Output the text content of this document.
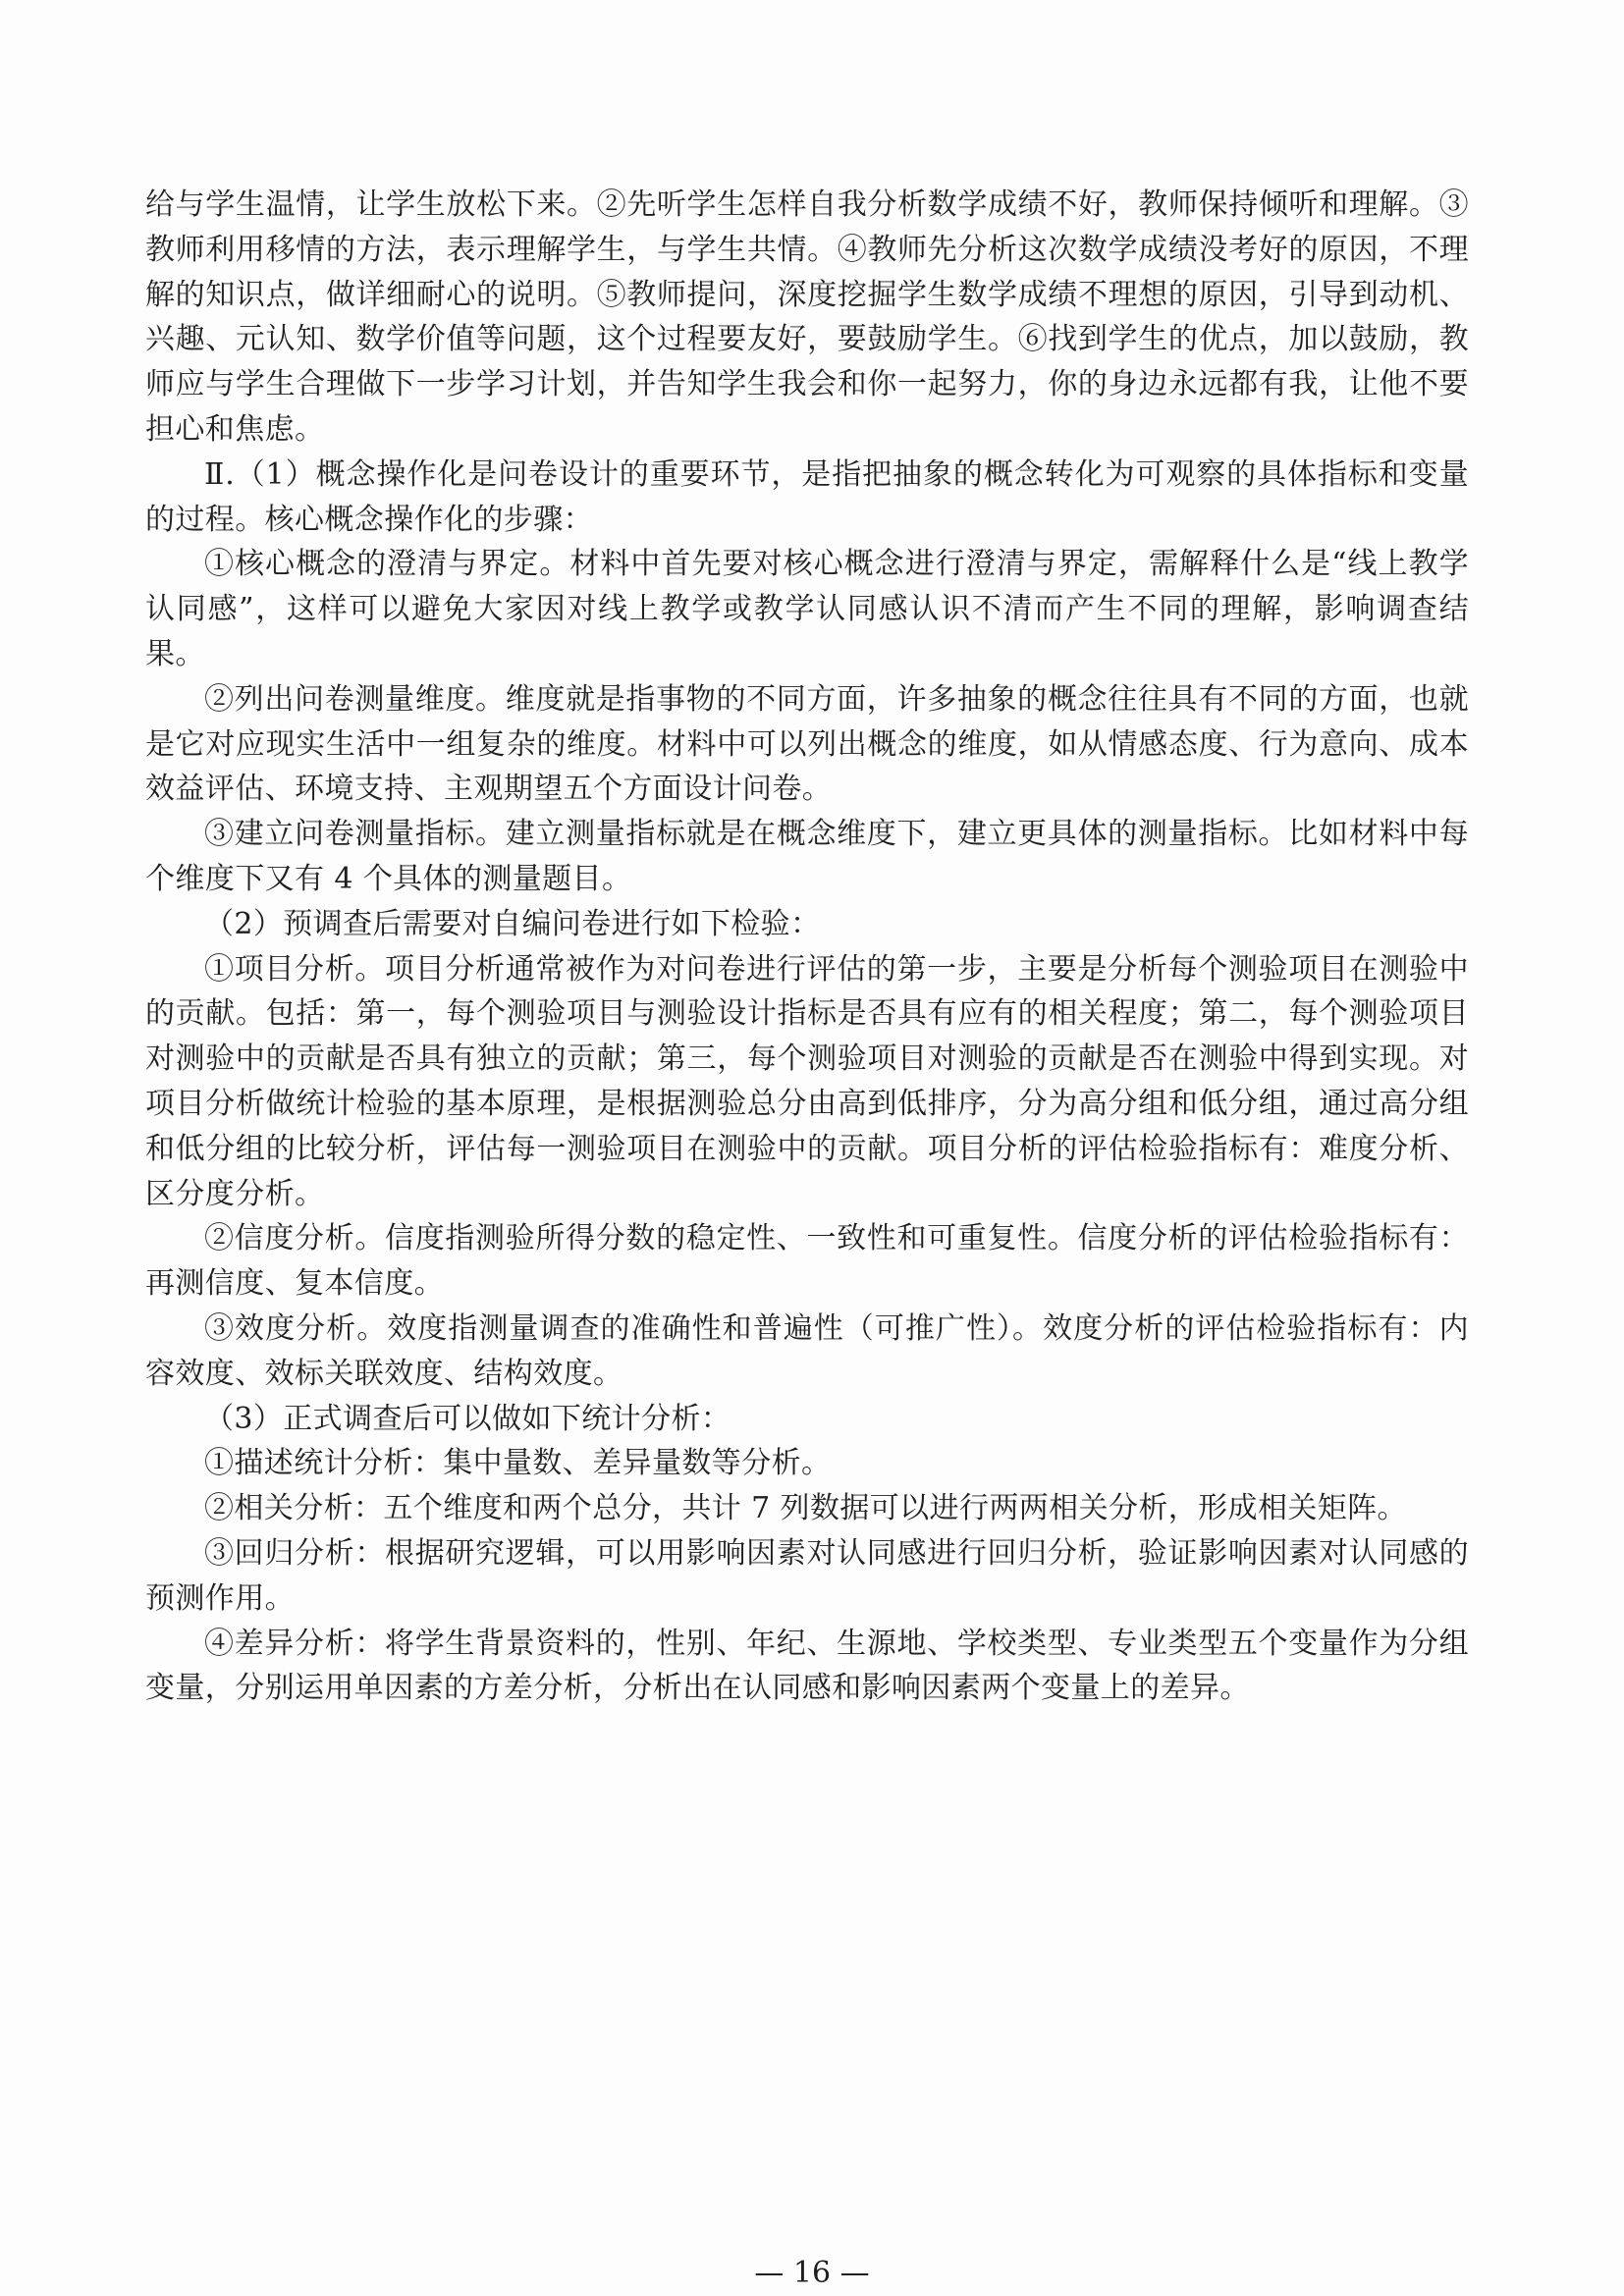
给与学生温情，让学生放松下来。②先听学生怎样自我分析数学成绩不好，教师保持倾听和理解。③教师利用移情的方法，表示理解学生，与学生共情。④教师先分析这次数学成绩没考好的原因，不理解的知识点，做详细耐心的说明。⑤教师提问，深度挖掘学生数学成绩不理想的原因，引导到动机、兴趣、元认知、数学价值等问题，这个过程要友好，要鼓励学生。⑥找到学生的优点，加以鼓励，教师应与学生合理做下一步学习计划，并告知学生我会和你一起努力，你的身边永远都有我，让他不要担心和焦虑。

Ⅱ.（1）概念操作化是问卷设计的重要环节，是指把抽象的概念转化为可观察的具体指标和变量的过程。核心概念操作化的步骤：

①核心概念的澄清与界定。材料中首先要对核心概念进行澄清与界定，需解释什么是“线上教学认同感”，这样可以避免大家因对线上教学或教学认同感认识不清而产生不同的理解，影响调查结果。

②列出问卷测量维度。维度就是指事物的不同方面，许多抽象的概念往往具有不同的方面，也就是它对应现实生活中一组复杂的维度。材料中可以列出概念的维度，如从情感态度、行为意向、成本效益评估、环境支持、主观期望五个方面设计问卷。

③建立问卷测量指标。建立测量指标就是在概念维度下，建立更具体的测量指标。比如材料中每个维度下又有 4 个具体的测量题目。

（2）预调查后需要对自编问卷进行如下检验：

①项目分析。项目分析通常被作为对问卷进行评估的第一步，主要是分析每个测验项目在测验中的贡献。包括：第一，每个测验项目与测验设计指标是否具有应有的相关程度；第二，每个测验项目对测验中的贡献是否具有独立的贡献；第三，每个测验项目对测验的贡献是否在测验中得到实现。对项目分析做统计检验的基本原理，是根据测验总分由高到低排序，分为高分组和低分组，通过高分组和低分组的比较分析，评估每一测验项目在测验中的贡献。项目分析的评估检验指标有：难度分析、区分度分析。

②信度分析。信度指测验所得分数的稳定性、一致性和可重复性。信度分析的评估检验指标有：再测信度、复本信度。

③效度分析。效度指测量调查的准确性和普遍性（可推广性）。效度分析的评估检验指标有：内容效度、效标关联效度、结构效度。

（3）正式调查后可以做如下统计分析：

①描述统计分析：集中量数、差异量数等分析。

②相关分析：五个维度和两个总分，共计 7 列数据可以进行两两相关分析，形成相关矩阵。

③回归分析：根据研究逻辑，可以用影响因素对认同感进行回归分析，验证影响因素对认同感的预测作用。

④差异分析：将学生背景资料的，性别、年纪、生源地、学校类型、专业类型五个变量作为分组变量，分别运用单因素的方差分析，分析出在认同感和影响因素两个变量上的差异。

— 16 —
